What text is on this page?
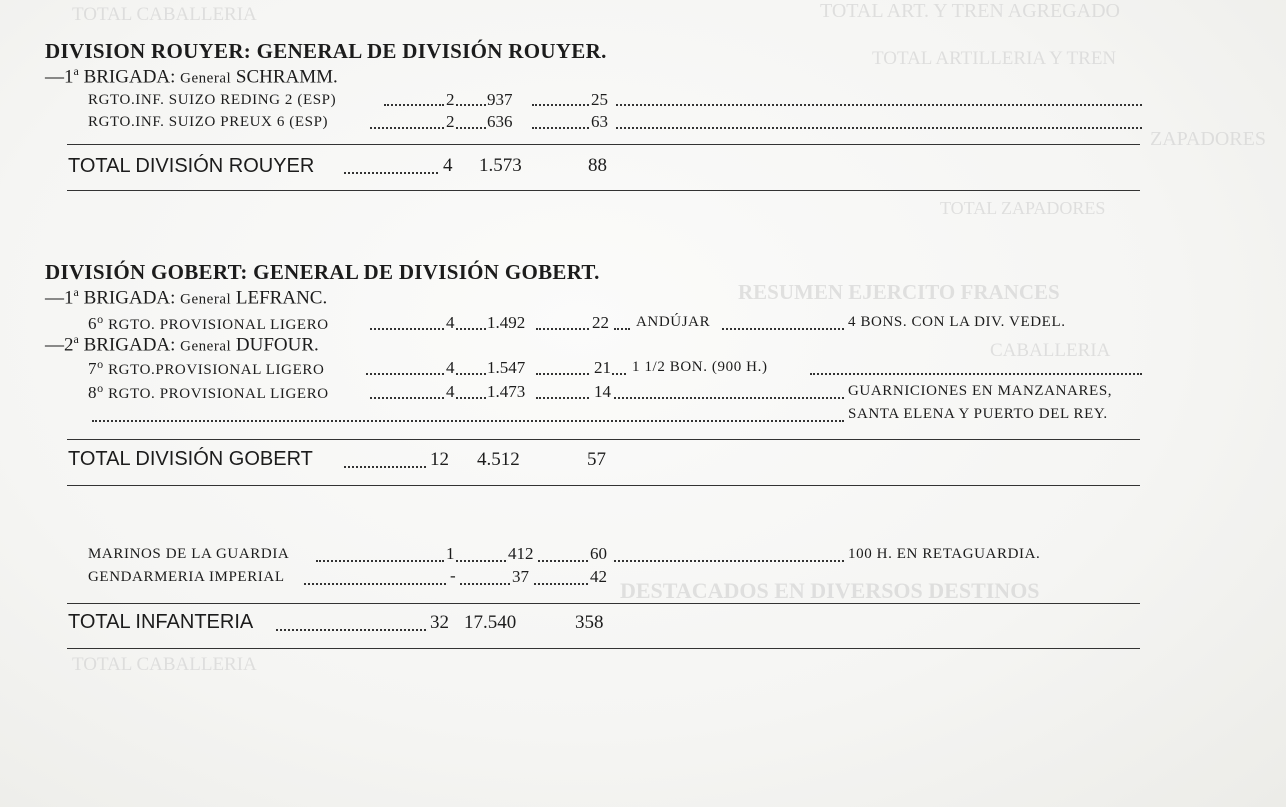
TOTAL CABALLERIA	TOTAL ART. Y TREN AGREGADO
TOTAL ARTILLERIA Y TREN
ZAPADORES
TOTAL ZAPADORES
RESUMEN EJERCITO FRANCES
CABALLERIA
DESTACADOS EN DIVERSOS DESTINOS
TOTAL CABALLERIA
DIVISION ROUYER: GENERAL DE DIVISIÓN ROUYER.
—1$^a$ BRIGADA: General SCHRAMM.
RGTO.INF. SUIZO REDING 2 (ESP)	2 937	25
RGTO.INF. SUIZO PREUX 6 (ESP)	2 636	63
TOTAL DIVISIÓN ROUYER	4 1.573	88
DIVISIÓN GOBERT: GENERAL DE DIVISIÓN GOBERT.
—1$^a$ BRIGADA: General LEFRANC.
6$^o$ RGTO. PROVISIONAL LIGERO	4 1.492	22 ANDÚJAR	4 BONS. CON LA DIV. VEDEL.
—2$^a$ BRIGADA: General DUFOUR.
7$^o$ RGTO.PROVISIONAL LIGERO	4 1.547	21 1 1/2 BON. (900 H.)
8$^o$ RGTO. PROVISIONAL LIGERO	4 1.473	14	GUARNICIONES EN MANZANARES,
SANTA ELENA Y PUERTO DEL REY.
TOTAL DIVISIÓN GOBERT	12 4.512	57
MARINOS DE LA GUARDIA	1	412	60	100 H. EN RETAGUARDIA.
GENDARMERIA IMPERIAL	-	37	42
TOTAL INFANTERIA	32 17.540	358
